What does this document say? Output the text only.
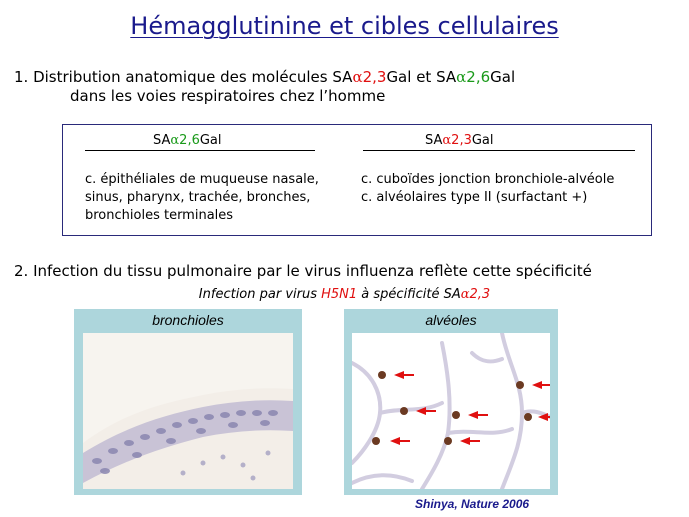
Hémagglutinine et cibles cellulaires
1. Distribution anatomique des molécules SAα2,3Gal et SAα2,6Gal
dans les voies respiratoires chez l’homme
SAα2,6Gal	SAα2,3Gal
c. épithéliales de muqueuse nasale,
sinus, pharynx, trachée, bronches,
bronchioles terminales
c. cuboïdes jonction bronchiole-alvéole
c. alvéolaires type II (surfactant +)
2. Infection du tissu pulmonaire par le virus influenza reflète cette spécificité
Infection par virus H5N1 à spécificité SAα2,3
bronchioles	alvéoles
Shinya, Nature 2006
